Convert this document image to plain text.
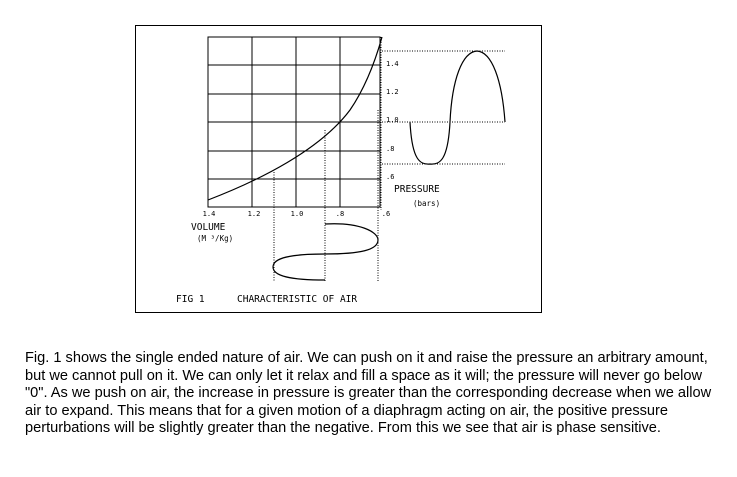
1.4	1.2	1.0	.8	.6
1.4
1.2
1.0
.8
.6
VOLUME
(M ³/Kg)
PRESSURE
(bars)
FIG 1	CHARACTERISTIC OF AIR
Fig. 1 shows the single ended nature of air. We can push on it and raise the pressure an arbitrary amount, but we cannot pull on it. We can only let it relax and fill a space as it will; the pressure will never go below "0". As we push on air, the increase in pressure is greater than the corresponding decrease when we allow air to expand. This means that for a given motion of a diaphragm acting on air, the positive pressure perturbations will be slightly greater than the negative. From this we see that air is phase sensitive.
